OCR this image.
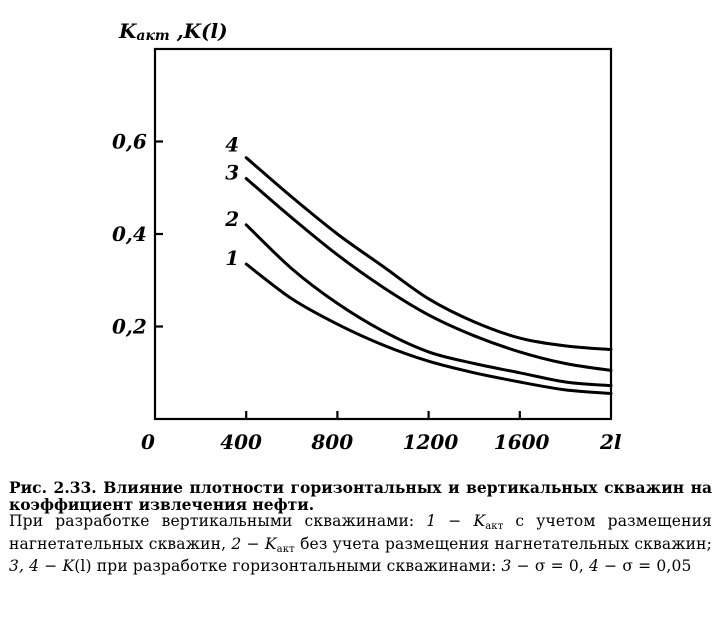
Kакт ,K(l)
0	400 800 1200 1600	2l
0,2
0,4
0,6
1
2
3
4
Рис. 2.33. Влияние плотности горизонтальных и вертикальных скважин на коэффициент извлечения нефти.
При разработке вертикальными скважинами: $1 - K_{акт}$ с учетом размещения нагнетательных скважин, $2 - K_{акт}$ без учета размещения нагнетательных скважин; 3, 4 − K(l) при разработке горизонтальными скважинами: 3 − σ = 0, 4 − σ = 0,05
